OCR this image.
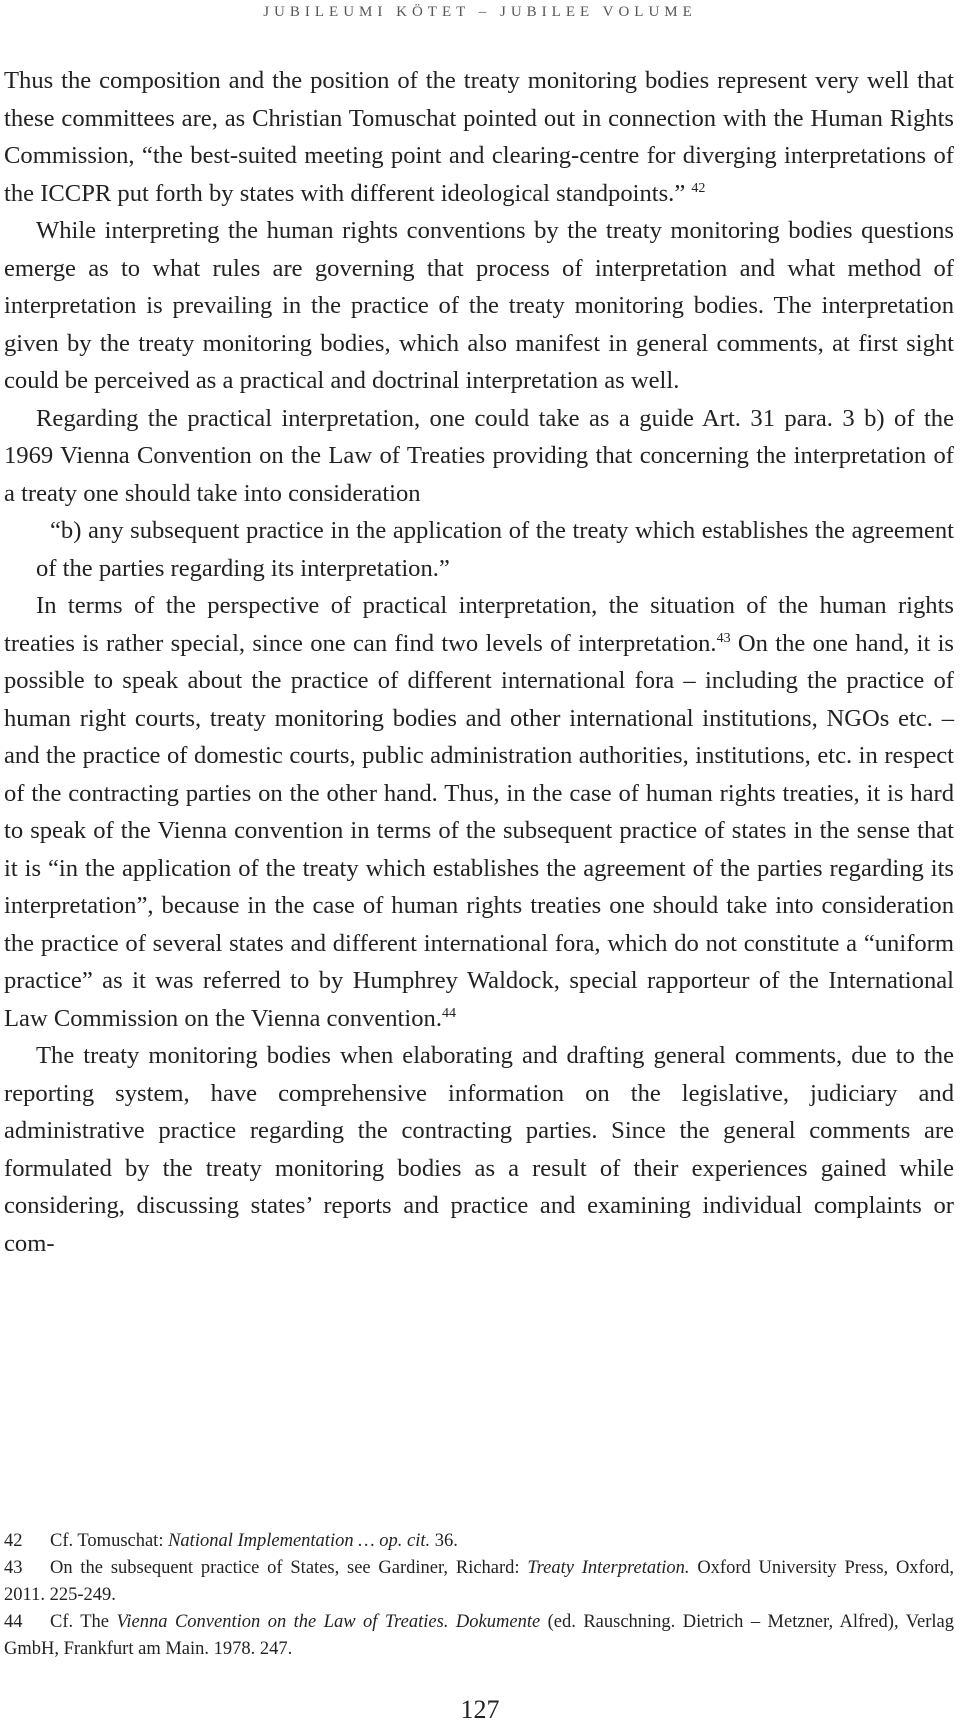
JUBILEUMI KÖTET – JUBILEE VOLUME

Thus the composition and the position of the treaty monitoring bodies represent very well that these committees are, as Christian Tomuschat pointed out in connection with the Human Rights Commission, “the best-suited meeting point and clearing-centre for diverging interpretations of the ICCPR put forth by states with different ideological standpoints.” $^{42}$

While interpreting the human rights conventions by the treaty monitoring bodies questions emerge as to what rules are governing that process of interpretation and what method of interpretation is prevailing in the practice of the treaty monitoring bodies. The interpretation given by the treaty monitoring bodies, which also manifest in general comments, at first sight could be perceived as a practical and doctrinal interpretation as well.

Regarding the practical interpretation, one could take as a guide Art. 31 para. 3 b) of the 1969 Vienna Convention on the Law of Treaties providing that concerning the interpretation of a treaty one should take into consideration

“b) any subsequent practice in the application of the treaty which establishes the agreement of the parties regarding its interpretation.”

In terms of the perspective of practical interpretation, the situation of the human rights treaties is rather special, since one can find two levels of interpretation.$^{43}$ On the one hand, it is possible to speak about the practice of different international fora – including the practice of human right courts, treaty monitoring bodies and other international institutions, NGOs etc. – and the practice of domestic courts, public administration authorities, institutions, etc. in respect of the contracting parties on the other hand. Thus, in the case of human rights treaties, it is hard to speak of the Vienna convention in terms of the subsequent practice of states in the sense that it is “in the application of the treaty which establishes the agreement of the parties regarding its interpretation”, because in the case of human rights treaties one should take into consideration the practice of several states and different international fora, which do not constitute a “uniform practice” as it was referred to by Humphrey Waldock, special rapporteur of the International Law Commission on the Vienna convention.$^{44}$

The treaty monitoring bodies when elaborating and drafting general comments, due to the reporting system, have comprehensive information on the legislative, judiciary and administrative practice regarding the contracting parties. Since the general comments are formulated by the treaty monitoring bodies as a result of their experiences gained while considering, discussing states’ reports and practice and examining individual complaints or com-

42 Cf. Tomuschat: National Implementation … op. cit. 36.
43 On the subsequent practice of States, see Gardiner, Richard: Treaty Interpretation. Oxford University Press, Oxford, 2011. 225-249.
44 Cf. The Vienna Convention on the Law of Treaties. Dokumente (ed. Rauschning. Dietrich – Metzner, Alfred), Verlag GmbH, Frankfurt am Main. 1978. 247.
127
